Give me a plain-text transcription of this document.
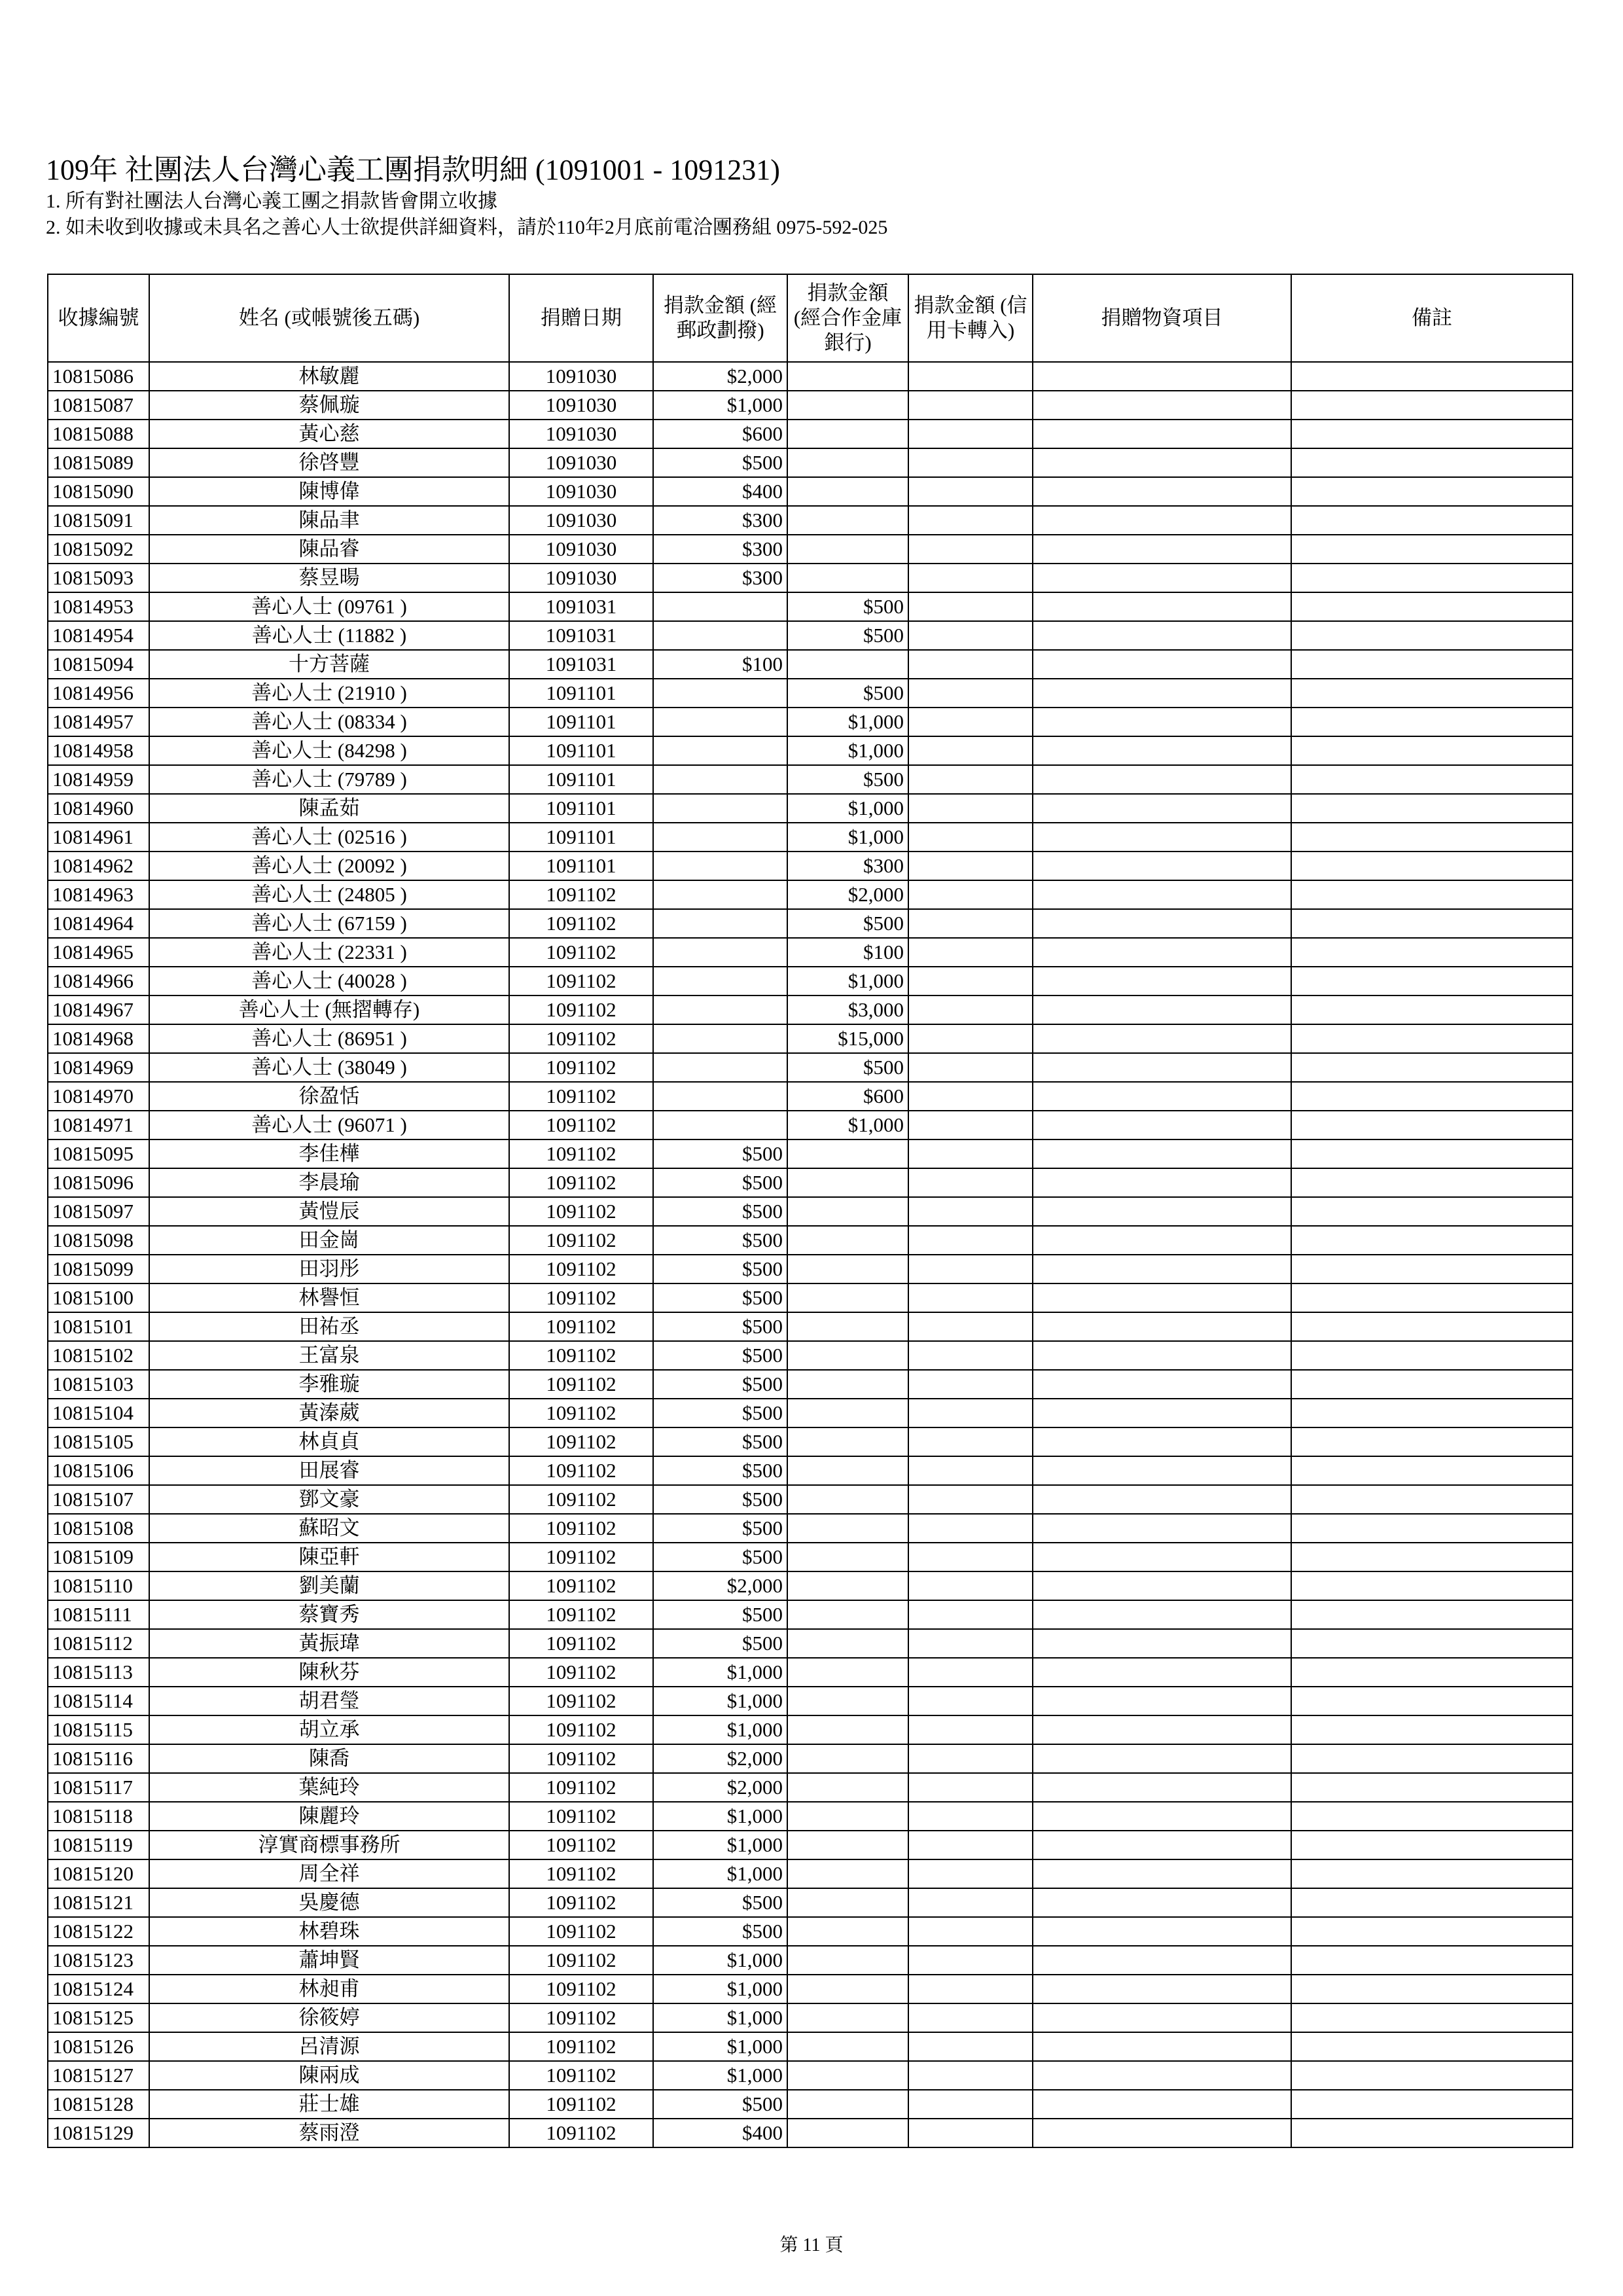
109年 社團法人台灣心義工團捐款明細 (1091001 - 1091231)

1. 所有對社團法人台灣心義工團之捐款皆會開立收據

2. 如未收到收據或未具名之善心人士欲提供詳細資料，請於110年2月底前電洽團務組 0975-592-025

收據編號	姓名 (或帳號後五碼)	捐贈日期	捐款金額 (經郵政劃撥)	捐款金額 (經合作金庫銀行)	捐款金額 (信用卡轉入)	捐贈物資項目	備註
10815086	林敏麗	1091030	$2,000				
10815087	蔡佩璇	1091030	$1,000				
10815088	黃心慈	1091030	$600				
10815089	徐啓豐	1091030	$500				
10815090	陳博偉	1091030	$400				
10815091	陳品聿	1091030	$300				
10815092	陳品睿	1091030	$300				
10815093	蔡昱暘	1091030	$300				
10814953	善心人士 (09761 )	1091031		$500			
10814954	善心人士 (11882 )	1091031		$500			
10815094	十方菩薩	1091031	$100				
10814956	善心人士 (21910 )	1091101		$500			
10814957	善心人士 (08334 )	1091101		$1,000			
10814958	善心人士 (84298 )	1091101		$1,000			
10814959	善心人士 (79789 )	1091101		$500			
10814960	陳孟茹	1091101		$1,000			
10814961	善心人士 (02516 )	1091101		$1,000			
10814962	善心人士 (20092 )	1091101		$300			
10814963	善心人士 (24805 )	1091102		$2,000			
10814964	善心人士 (67159 )	1091102		$500			
10814965	善心人士 (22331 )	1091102		$100			
10814966	善心人士 (40028 )	1091102		$1,000			
10814967	善心人士 (無摺轉存)	1091102		$3,000			
10814968	善心人士 (86951 )	1091102		$15,000			
10814969	善心人士 (38049 )	1091102		$500			
10814970	徐盈恬	1091102		$600			
10814971	善心人士 (96071 )	1091102		$1,000			
10815095	李佳樺	1091102	$500				
10815096	李晨瑜	1091102	$500				
10815097	黃愷辰	1091102	$500				
10815098	田金崗	1091102	$500				
10815099	田羽彤	1091102	$500				
10815100	林譽恒	1091102	$500				
10815101	田祐丞	1091102	$500				
10815102	王富泉	1091102	$500				
10815103	李雅璇	1091102	$500				
10815104	黃溱葳	1091102	$500				
10815105	林貞貞	1091102	$500				
10815106	田展睿	1091102	$500				
10815107	鄧文豪	1091102	$500				
10815108	蘇昭文	1091102	$500				
10815109	陳亞軒	1091102	$500				
10815110	劉美蘭	1091102	$2,000				
10815111	蔡寶秀	1091102	$500				
10815112	黃振瑋	1091102	$500				
10815113	陳秋芬	1091102	$1,000				
10815114	胡君瑩	1091102	$1,000				
10815115	胡立承	1091102	$1,000				
10815116	陳喬	1091102	$2,000				
10815117	葉純玲	1091102	$2,000				
10815118	陳麗玲	1091102	$1,000				
10815119	淳實商標事務所	1091102	$1,000				
10815120	周全祥	1091102	$1,000				
10815121	吳慶德	1091102	$500				
10815122	林碧珠	1091102	$500				
10815123	蕭坤賢	1091102	$1,000				
10815124	林昶甫	1091102	$1,000				
10815125	徐筱婷	1091102	$1,000				
10815126	呂清源	1091102	$1,000				
10815127	陳兩成	1091102	$1,000				
10815128	莊士雄	1091102	$500				
10815129	蔡雨澄	1091102	$400				
第 11 頁
